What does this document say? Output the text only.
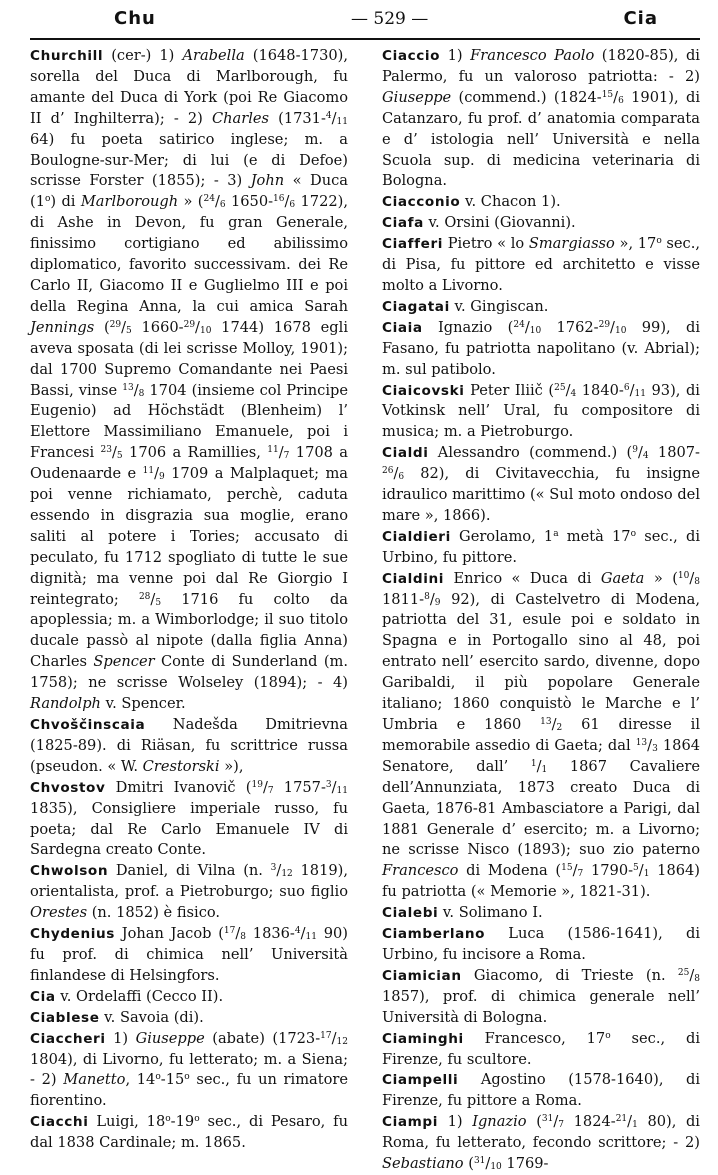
Chu	— 529 —	Cia

Churchill (cer-) 1) Arabella (1648-1730), sorella del Duca di Marlborough, fu amante del Duca di York (poi Re Giacomo II d’ Inghilterra); - 2) Charles ($1731-^4/_{11}$ 64) fu poeta satirico inglese; m. a Boulogne-sur-Mer; di lui (e di Defoe) scrisse Forster (1855); - 3) John « Duca (1$^o$) di Marlborough » ($^{24}/_6$ $1650-^{16}/_6$ 1722), di Ashe in Devon, fu gran Generale, finissimo cortigiano ed abilissimo diplomatico, favorito successivam. dei Re Carlo II, Giacomo II e Guglielmo III e poi della Regina Anna, la cui amica Sarah Jennings ($^{29}/_5$ $1660-^{29}/_{10}$ 1744) 1678 egli aveva sposata (di lei scrisse Molloy, 1901); dal 1700 Supremo Comandante nei Paesi Bassi, vinse $^{13}/_8$ 1704 (insieme col Principe Eugenio) ad Höchstädt (Blenheim) l’ Elettore Massimiliano Emanuele, poi i Francesi $^{23}/_5$ 1706 a Ramillies, $^{11}/_7$ 1708 a Oudenaarde e $^{11}/_9$ 1709 a Malplaquet; ma poi venne richiamato, perchè, caduta essendo in disgrazia sua moglie, erano saliti al potere i Tories; accusato di peculato, fu 1712 spogliato di tutte le sue dignità; ma venne poi dal Re Giorgio I reintegrato; $^{28}/_5$ 1716 fu colto da apoplessia; m. a Wimborlodge; il suo titolo ducale passò al nipote (dalla figlia Anna) Charles Spencer Conte di Sunderland (m. 1758); ne scrisse Wolseley (1894); - 4) Randolph v. Spencer.

Chvoščinscaia Nadešda Dmitrievna (1825-89). di Riäsan, fu scrittrice russa (pseudon. « W. Crestorski »),

Chvostov Dmitri Ivanovič ($^{19}/_7$ $1757-^3/_{11}$ 1835), Consigliere imperiale russo, fu poeta; dal Re Carlo Emanuele IV di Sardegna creato Conte.

Chwolson Daniel, di Vilna (n. $^3/_{12}$ 1819), orientalista, prof. a Pietroburgo; suo figlio Orestes (n. 1852) è fisico.

Chydenius Johan Jacob ($^{17}/_8$ $1836-^4/_{11}$ 90) fu prof. di chimica nell’ Università finlandese di Helsingfors.

Cia v. Ordelaffi (Cecco II).

Ciablese v. Savoia (di).

Ciaccheri 1) Giuseppe (abate) ($1723-^{17}/_{12}$ 1804), di Livorno, fu letterato; m. a Siena; - 2) Manetto, 14$^o$-15$^o$ sec., fu un rimatore fiorentino.

Ciacchi Luigi, 18$^o$-19$^o$ sec., di Pesaro, fu dal 1838 Cardinale; m. 1865.

Ciaccio 1) Francesco Paolo (1820-85), di Palermo, fu un valoroso patriotta: - 2) Giuseppe (commend.) ($1824-^{15}/_6$ 1901), di Catanzaro, fu prof. d’ anatomia comparata e d’ istologia nell’ Università e nella Scuola sup. di medicina veterinaria di Bologna.

Ciacconio v. Chacon 1).

Ciafa v. Orsini (Giovanni).

Ciafferi Pietro « lo Smargiasso », 17$^o$ sec., di Pisa, fu pittore ed architetto e visse molto a Livorno.

Ciagatai v. Gingiscan.

Ciaia Ignazio ($^{24}/_{10}$ $1762-^{29}/_{10}$ 99), di Fasano, fu patriotta napolitano (v. Abrial); m. sul patibolo.

Ciaicovski Peter Iliič ($^{25}/_4$ $1840-^6/_{11}$ 93), di Votkinsk nell’ Ural, fu compositore di musica; m. a Pietroburgo.

Cialdi Alessandro (commend.) ($^9/_4$ $1807-^{26}/_6$ 82), di Civitavecchia, fu insigne idraulico marittimo (« Sul moto ondoso del mare », 1866).

Cialdieri Gerolamo, 1$^a$ metà 17$^o$ sec., di Urbino, fu pittore.

Cialdini Enrico « Duca di Gaeta » ($^{10}/_8$ $1811-^8/_9$ 92), di Castelvetro di Modena, patriotta del 31, esule poi e soldato in Spagna e in Portogallo sino al 48, poi entrato nell’ esercito sardo, divenne, dopo Garibaldi, il più popolare Generale italiano; 1860 conquistò le Marche e l’ Umbria e 1860 $^{13}/_2$ 61 diresse il memorabile assedio di Gaeta; dal $^{13}/_3$ 1864 Senatore, dall’ $^1/_1$ 1867 Cavaliere dell’Annunziata, 1873 creato Duca di Gaeta, 1876-81 Ambasciatore a Parigi, dal 1881 Generale d’ esercito; m. a Livorno; ne scrisse Nisco (1893); suo zio paterno Francesco di Modena ($^{15}/_7$ $1790-^5/_1$ 1864) fu patriotta (« Memorie », 1821-31).

Cialebi v. Solimano I.

Ciamberlano Luca (1586-1641), di Urbino, fu incisore a Roma.

Ciamician Giacomo, di Trieste (n. $^{25}/_8$ 1857), prof. di chimica generale nell’ Università di Bologna.

Ciaminghi Francesco, 17$^o$ sec., di Firenze, fu scultore.

Ciampelli Agostino (1578-1640), di Firenze, fu pittore a Roma.

Ciampi 1) Ignazio ($^{31}/_7$ $1824-^{21}/_1$ 80), di Roma, fu letterato, fecondo scrittore; - 2) Sebastiano ($^{31}/_{10}$ 1769-
